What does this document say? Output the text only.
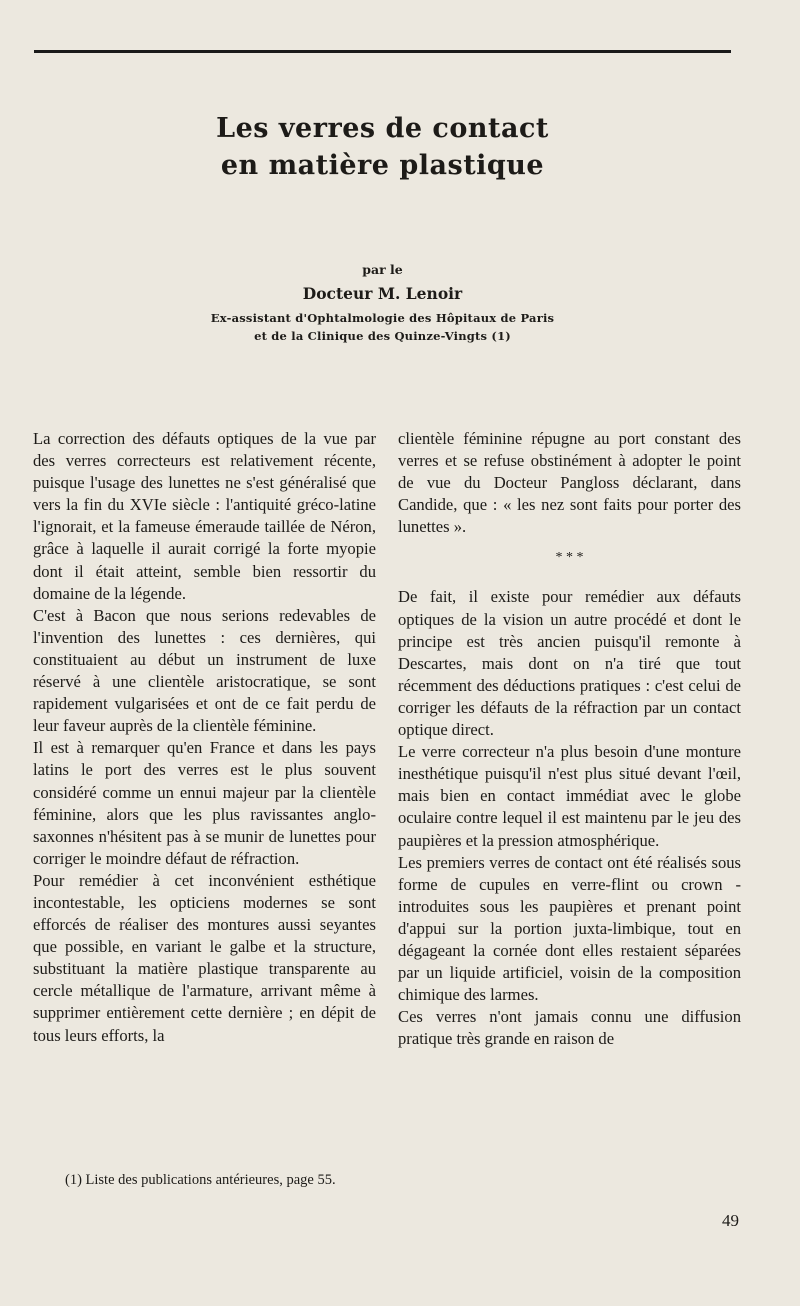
Les verres de contact
en matière plastique
par le
Docteur M. Lenoir
Ex-assistant d'Ophtalmologie des Hôpitaux de Paris
et de la Clinique des Quinze-Vingts (1)

La correction des défauts optiques de la vue par des verres correcteurs est relativement récente, puisque l'usage des lunettes ne s'est généralisé que vers la fin du XVIe siècle : l'antiquité gréco-latine l'ignorait, et la fameuse émeraude taillée de Néron, grâce à laquelle il aurait corrigé la forte myopie dont il était atteint, semble bien ressortir du domaine de la légende.

C'est à Bacon que nous serions redevables de l'invention des lunettes : ces dernières, qui constituaient au début un instrument de luxe réservé à une clientèle aristocratique, se sont rapidement vulgarisées et ont de ce fait perdu de leur faveur auprès de la clientèle féminine.

Il est à remarquer qu'en France et dans les pays latins le port des verres est le plus souvent considéré comme un ennui majeur par la clientèle féminine, alors que les plus ravissantes anglo-saxonnes n'hésitent pas à se munir de lunettes pour corriger le moindre défaut de réfraction.

Pour remédier à cet inconvénient esthétique incontestable, les opticiens modernes se sont efforcés de réaliser des montures aussi seyantes que possible, en variant le galbe et la structure, substituant la matière plastique transparente au cercle métallique de l'armature, arrivant même à supprimer entièrement cette dernière ; en dépit de tous leurs efforts, la

clientèle féminine répugne au port constant des verres et se refuse obstinément à adopter le point de vue du Docteur Pangloss déclarant, dans Candide, que : « les nez sont faits pour porter des lunettes ».

* * *

De fait, il existe pour remédier aux défauts optiques de la vision un autre procédé et dont le principe est très ancien puisqu'il remonte à Descartes, mais dont on n'a tiré que tout récemment des déductions pratiques : c'est celui de corriger les défauts de la réfraction par un contact optique direct.

Le verre correcteur n'a plus besoin d'une monture inesthétique puisqu'il n'est plus situé devant l'œil, mais bien en contact immédiat avec le globe oculaire contre lequel il est maintenu par le jeu des paupières et la pression atmosphérique.

Les premiers verres de contact ont été réalisés sous forme de cupules en verre-flint ou crown - introduites sous les paupières et prenant point d'appui sur la portion juxta-limbique, tout en dégageant la cornée dont elles restaient séparées par un liquide artificiel, voisin de la composition chimique des larmes.

Ces verres n'ont jamais connu une diffusion pratique très grande en raison de

(1) Liste des publications antérieures, page 55.
49
